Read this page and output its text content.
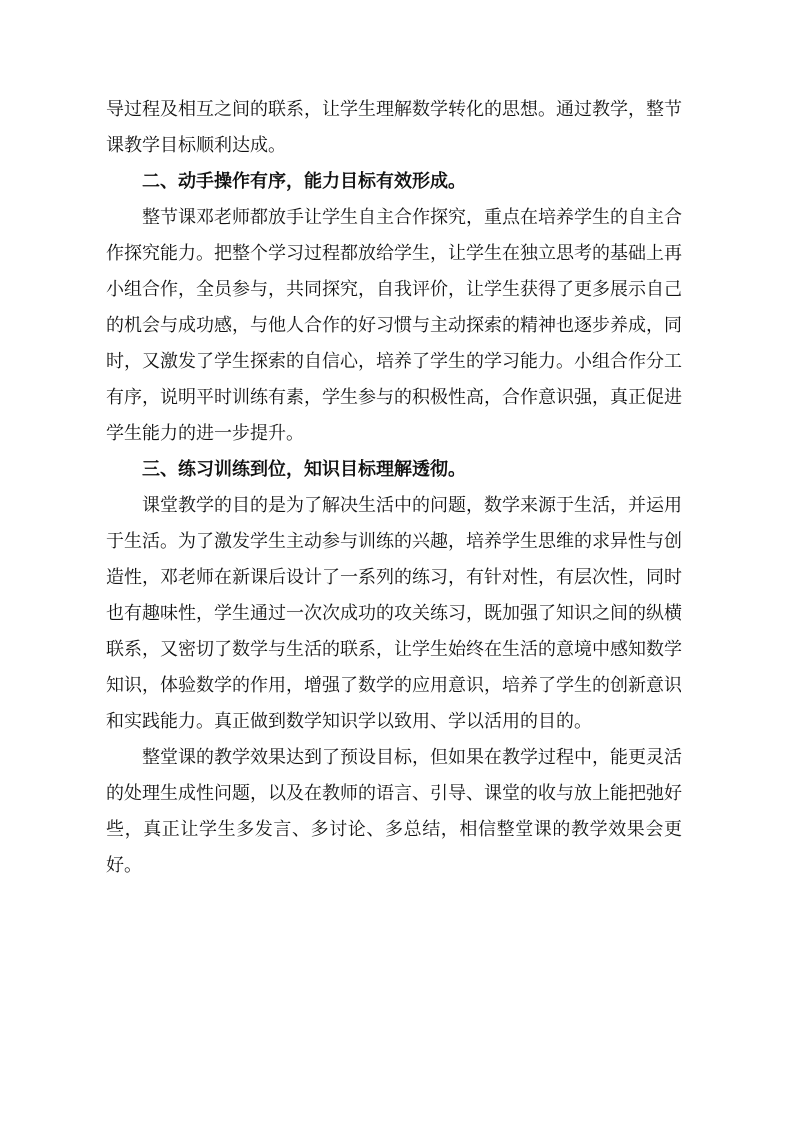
导过程及相互之间的联系，让学生理解数学转化的思想。通过教学，整节课教学目标顺利达成。

二、动手操作有序，能力目标有效形成。

整节课邓老师都放手让学生自主合作探究，重点在培养学生的自主合作探究能力。把整个学习过程都放给学生，让学生在独立思考的基础上再小组合作，全员参与，共同探究，自我评价，让学生获得了更多展示自己的机会与成功感，与他人合作的好习惯与主动探索的精神也逐步养成，同时，又激发了学生探索的自信心，培养了学生的学习能力。小组合作分工有序，说明平时训练有素，学生参与的积极性高，合作意识强，真正促进学生能力的进一步提升。

三、练习训练到位，知识目标理解透彻。

课堂教学的目的是为了解决生活中的问题，数学来源于生活，并运用于生活。为了激发学生主动参与训练的兴趣，培养学生思维的求异性与创造性，邓老师在新课后设计了一系列的练习，有针对性，有层次性，同时也有趣味性，学生通过一次次成功的攻关练习，既加强了知识之间的纵横联系，又密切了数学与生活的联系，让学生始终在生活的意境中感知数学知识，体验数学的作用，增强了数学的应用意识，培养了学生的创新意识和实践能力。真正做到数学知识学以致用、学以活用的目的。

整堂课的教学效果达到了预设目标，但如果在教学过程中，能更灵活的处理生成性问题，以及在教师的语言、引导、课堂的收与放上能把弛好些，真正让学生多发言、多讨论、多总结，相信整堂课的教学效果会更好。
